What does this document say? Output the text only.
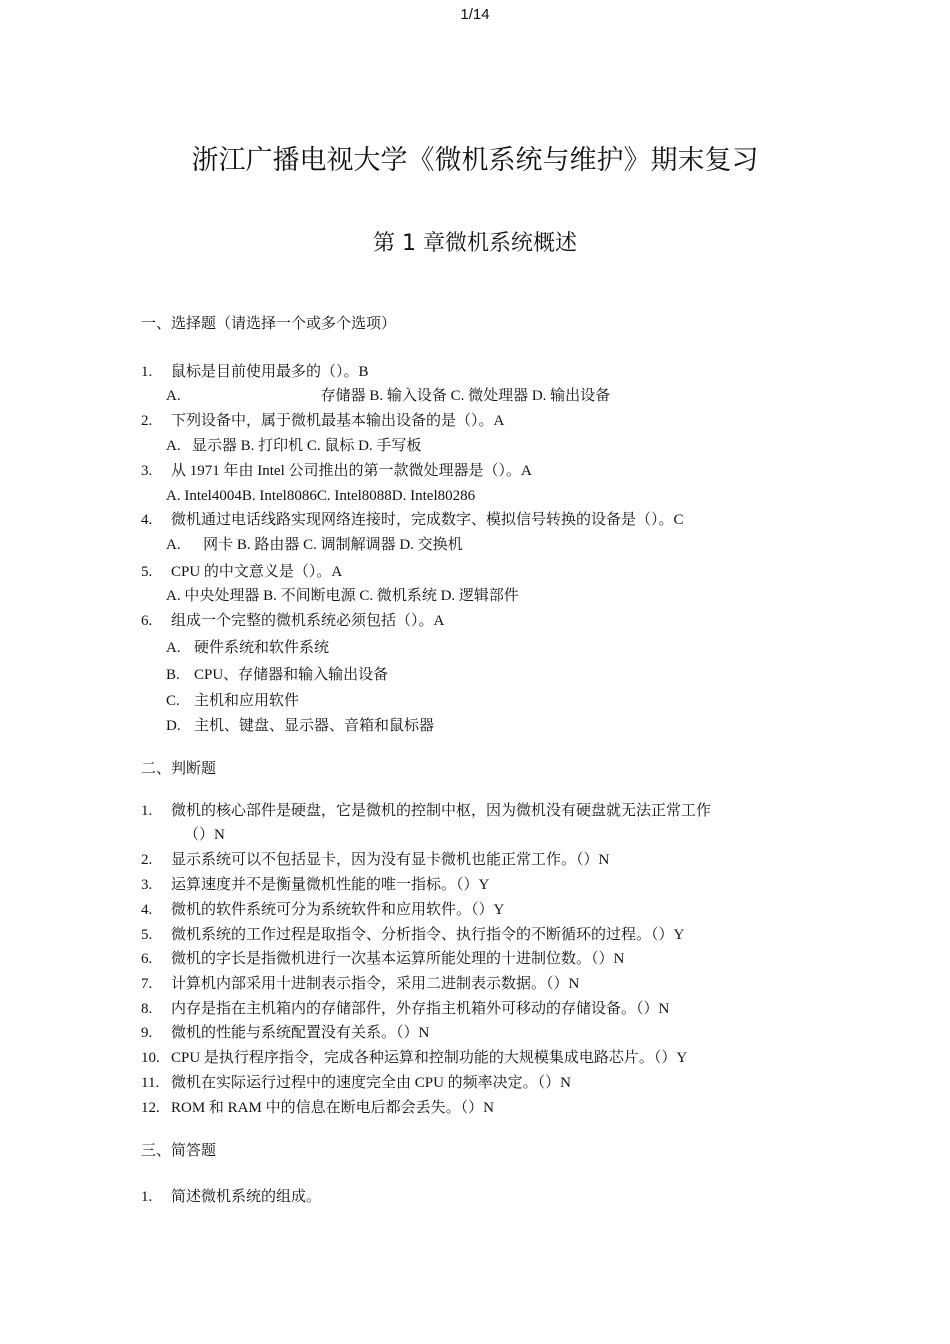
1/14
浙江广播电视大学《微机系统与维护》期末复习
第 1 章微机系统概述
一、选择题（请选择一个或多个选项）
1. 鼠标是目前使用最多的（）。B
A.	存储器 B. 输入设备 C. 微处理器 D. 输出设备
2. 下列设备中，属于微机最基本输出设备的是（）。A
A.   显示器 B. 打印机 C. 鼠标 D. 手写板
3. 从 1971 年由 Intel 公司推出的第一款微处理器是（）。A
A. Intel4004B. Intel8086C. Intel8088D. Intel80286
4. 微机通过电话线路实现网络连接时，完成数字、模拟信号转换的设备是（）。C
A.      网卡 B. 路由器 C. 调制解调器 D. 交换机
5. CPU 的中文意义是（）。A
A. 中央处理器 B. 不间断电源 C. 微机系统 D. 逻辑部件
6. 组成一个完整的微机系统必须包括（）。A
A. 硬件系统和软件系统
B. CPU、存储器和输入输出设备
C. 主机和应用软件
D. 主机、键盘、显示器、音箱和鼠标器
二、判断题
1. 微机的核心部件是硬盘，它是微机的控制中枢，因为微机没有硬盘就无法正常工作
（）N
2. 显示系统可以不包括显卡，因为没有显卡微机也能正常工作。（）N
3. 运算速度并不是衡量微机性能的唯一指标。（）Y
4. 微机的软件系统可分为系统软件和应用软件。（）Y
5. 微机系统的工作过程是取指令、分析指令、执行指令的不断循环的过程。（）Y
6. 微机的字长是指微机进行一次基本运算所能处理的十进制位数。（）N
7. 计算机内部采用十进制表示指令，采用二进制表示数据。（）N
8. 内存是指在主机箱内的存储部件，外存指主机箱外可移动的存储设备。（）N
9. 微机的性能与系统配置没有关系。（）N
10. CPU 是执行程序指令，完成各种运算和控制功能的大规模集成电路芯片。（）Y
11. 微机在实际运行过程中的速度完全由 CPU 的频率决定。（）N
12. ROM 和 RAM 中的信息在断电后都会丢失。（）N
三、简答题
1. 简述微机系统的组成。
